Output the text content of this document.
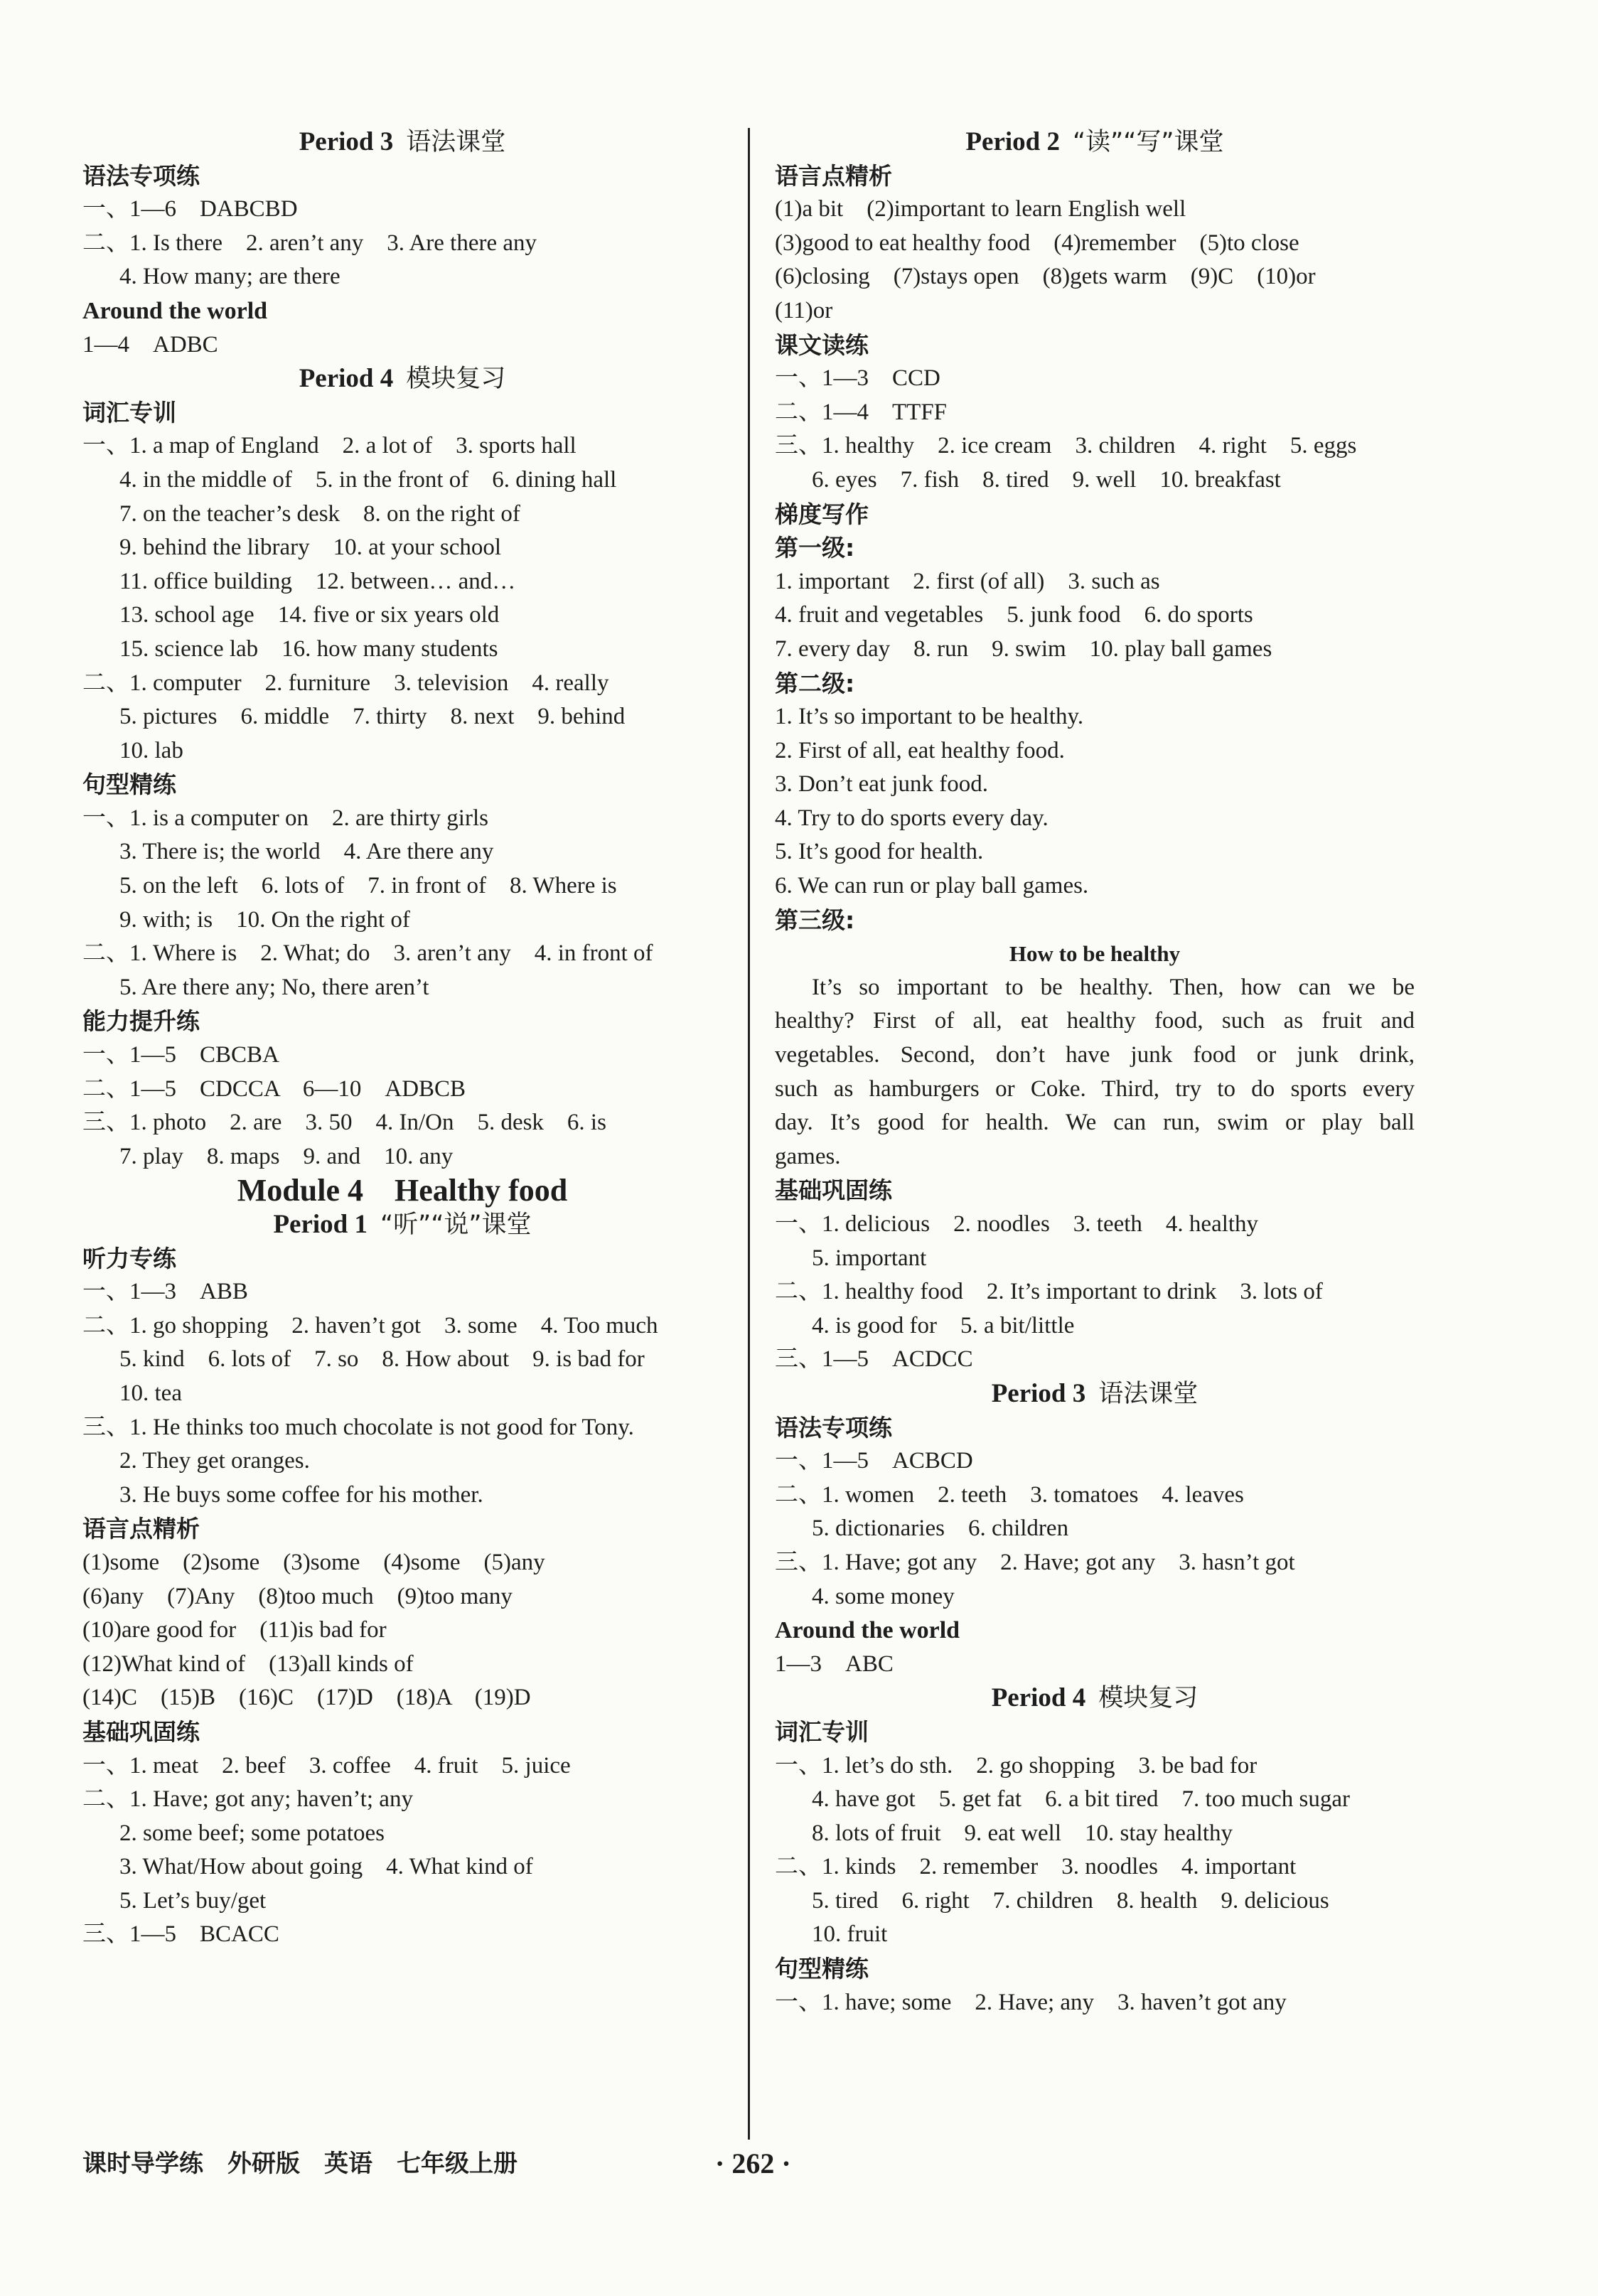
Period 3 语法课堂
语法专项练
一、1—6　DABCBD
二、1. Is there　2. aren’t any　3. Are there any
4. How many; are there
Around the world
1—4　ADBC
Period 4 模块复习
词汇专训
一、1. a map of England　2. a lot of　3. sports hall
4. in the middle of　5. in the front of　6. dining hall
7. on the teacher’s desk　8. on the right of
9. behind the library　10. at your school
11. office building　12. between… and…
13. school age　14. five or six years old
15. science lab　16. how many students
二、1. computer　2. furniture　3. television　4. really
5. pictures　6. middle　7. thirty　8. next　9. behind
10. lab
句型精练
一、1. is a computer on　2. are thirty girls
3. There is; the world　4. Are there any
5. on the left　6. lots of　7. in front of　8. Where is
9. with; is　10. On the right of
二、1. Where is　2. What; do　3. aren’t any　4. in front of
5. Are there any; No, there aren’t
能力提升练
一、1—5　CBCBA
二、1—5　CDCCA　6—10　ADBCB
三、1. photo　2. are　3. 50　4. In/On　5. desk　6. is
7. play　8. maps　9. and　10. any
Module 4　Healthy food
Period 1 “听”“说”课堂
听力专练
一、1—3　ABB
二、1. go shopping　2. haven’t got　3. some　4. Too much
5. kind　6. lots of　7. so　8. How about　9. is bad for
10. tea
三、1. He thinks too much chocolate is not good for Tony.
2. They get oranges.
3. He buys some coffee for his mother.
语言点精析
(1)some　(2)some　(3)some　(4)some　(5)any
(6)any　(7)Any　(8)too much　(9)too many
(10)are good for　(11)is bad for
(12)What kind of　(13)all kinds of
(14)C　(15)B　(16)C　(17)D　(18)A　(19)D
基础巩固练
一、1. meat　2. beef　3. coffee　4. fruit　5. juice
二、1. Have; got any; haven’t; any
2. some beef; some potatoes
3. What/How about going　4. What kind of
5. Let’s buy/get
三、1—5　BCACC
Period 2 “读”“写”课堂
语言点精析
(1)a bit　(2)important to learn English well
(3)good to eat healthy food　(4)remember　(5)to close
(6)closing　(7)stays open　(8)gets warm　(9)C　(10)or
(11)or
课文读练
一、1—3　CCD
二、1—4　TTFF
三、1. healthy　2. ice cream　3. children　4. right　5. eggs
6. eyes　7. fish　8. tired　9. well　10. breakfast
梯度写作
第一级:
1. important　2. first (of all)　3. such as
4. fruit and vegetables　5. junk food　6. do sports
7. every day　8. run　9. swim　10. play ball games
第二级:
1. It’s so important to be healthy.
2. First of all, eat healthy food.
3. Don’t eat junk food.
4. Try to do sports every day.
5. It’s good for health.
6. We can run or play ball games.
第三级:
How to be healthy
It’s so important to be healthy. Then, how can we be
healthy? First of all, eat healthy food, such as fruit and
vegetables. Second, don’t have junk food or junk drink,
such as hamburgers or Coke. Third, try to do sports every
day. It’s good for health. We can run, swim or play ball
games.
基础巩固练
一、1. delicious　2. noodles　3. teeth　4. healthy
5. important
二、1. healthy food　2. It’s important to drink　3. lots of
4. is good for　5. a bit/little
三、1—5　ACDCC
Period 3 语法课堂
语法专项练
一、1—5　ACBCD
二、1. women　2. teeth　3. tomatoes　4. leaves
5. dictionaries　6. children
三、1. Have; got any　2. Have; got any　3. hasn’t got
4. some money
Around the world
1—3　ABC
Period 4 模块复习
词汇专训
一、1. let’s do sth.　2. go shopping　3. be bad for
4. have got　5. get fat　6. a bit tired　7. too much sugar
8. lots of fruit　9. eat well　10. stay healthy
二、1. kinds　2. remember　3. noodles　4. important
5. tired　6. right　7. children　8. health　9. delicious
10. fruit
句型精练
一、1. have; some　2. Have; any　3. haven’t got any
课时导学练　外研版　英语　七年级上册	· 262 ·
